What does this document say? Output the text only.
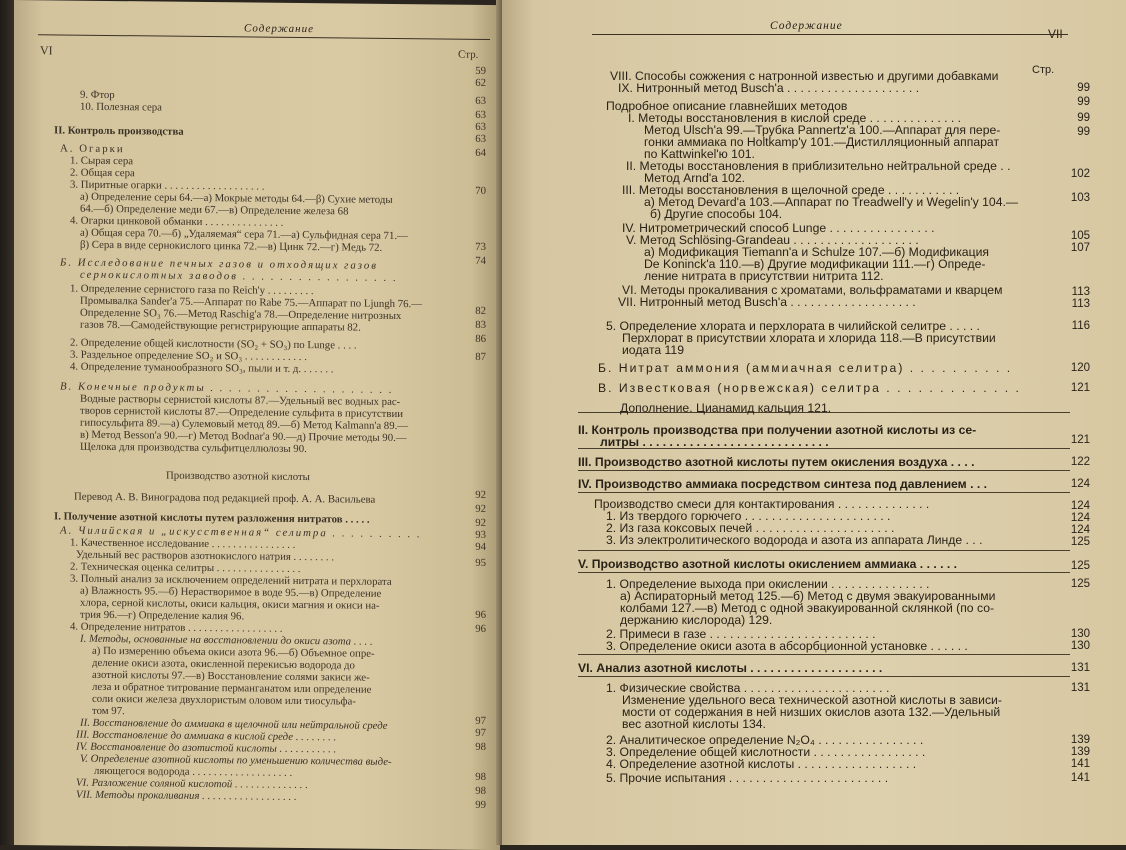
Содержание
VI	Стр.
9. Фтор
10. Полезная сера
II. Контроль производства
А. Огарки
1. Сырая сера
2. Общая сера
3. Пиритные огарки . . . . . . . . . . . . . . . . . . .
а) Определение серы 64.—а) Мокрые методы 64.—β) Сухие методы
64.—б) Определение меди 67.—в) Определение железа 68
4. Огарки цинковой обманки . . . . . . . . . . . . . . .
а) Общая сера 70.—б) „Удаляемая“ сера 71.—а) Сульфидная сера 71.—
β) Сера в виде сернокислого цинка 72.—в) Цинк 72.—г) Медь 72.
Б. Исследование печных газов и отходящих газов
сернокислотных заводов . . . . . . . . . . . . . . . . .
1. Определение сернистого газа по Reich'у . . . . . . . . .
Промывалка Sander'а 75.—Аппарат по Rabe 75.—Аппарат по Ljungh 76.—
Определение SO₃ 76.—Метод Raschig'а 78.—Определение нитрозных
газов 78.—Самодействующие регистрирующие аппараты 82.
2. Определение общей кислотности (SO₂ + SO₃) по Lunge . . . .
3. Раздельное определение SO₂ и SO₃ . . . . . . . . . . . .
4. Определение туманообразного SO₃, пыли и т. д. . . . . . .
В. Конечные продукты . . . . . . . . . . . . . . . . . . . .
Водные растворы сернистой кислоты 87.—Удельный вес водных рас-
творов сернистой кислоты 87.—Определение сульфита в присутствии
гипосульфита 89.—а) Сулемовый метод 89.—б) Метод Kalmann'а 89.—
в) Метод Besson'а 90.—г) Метод Bodnar'а 90.—д) Прочие методы 90.—
Щелока для производства сульфитцеллюлозы 90.
Производство азотной кислоты
Перевод А. В. Виноградова под редакцией проф. А. А. Васильева
I. Получение азотной кислоты путем разложения нитратов . . . . .
А. Чилийская и „искусственная“ селитра . . . . . . . . . .
1. Качественное исследование . . . . . . . . . . . . . . . .
Удельный вес растворов азотнокислого натрия . . . . . . . .
2. Техническая оценка селитры . . . . . . . . . . . . . . . .
3. Полный анализ за исключением определений нитрата и перхлората
а) Влажность 95.—б) Нерастворимое в воде 95.—в) Определение
хлора, серной кислоты, окиси кальция, окиси магния и окиси на-
трия 96.—г) Определение калия 96.
4. Определение нитратов . . . . . . . . . . . . . . . . . .
I. Методы, основанные на восстановлении до окиси азота . . . .
а) По измерению объема окиси азота 96.—б) Объемное опре-
деление окиси азота, окисленной перекисью водорода до
азотной кислоты 97.—в) Восстановление солями закиси же-
леза и обратное титрование перманганатом или определение
соли окиси железа двухлористым оловом или тиосульфа-
том 97.
II. Восстановление до аммиака в щелочной или нейтральной среде
III. Восстановление до аммиака в кислой среде . . . . . . . .
IV. Восстановление до азотистой кислоты . . . . . . . . . . .
V. Определение азотной кислоты по уменьшению количества выде-
ляющегося водорода . . . . . . . . . . . . . . . . . . .
VI. Разложение соляной кислотой . . . . . . . . . . . . . .
VII. Методы прокаливания . . . . . . . . . . . . . . . . . .
59
62
63
63
63
63
64
70
73
74
82
83
86
87
92
92
92
93
94
95
96
96
97
97
98
98
98
99
Содержание
VII
Стр.
VIII. Способы сожжения с натронной известью и другими добавками
IX. Нитронный метод Busch'а . . . . . . . . . . . . . . . . . . . .
Подробное описание главнейших методов
I. Методы восстановления в кислой среде . . . . . . . . . . . . . .
Метод Ulsch'а 99.—Трубка Pannertz'а 100.—Аппарат для пере-
гонки аммиака по Holtkamp'у 101.—Дистилляционный аппарат
по Kattwinkel'ю 101.
II. Методы восстановления в приблизительно нейтральной среде . .
Метод Arnd'а 102.
III. Методы восстановления в щелочной среде . . . . . . . . . . .
а) Метод Devard'а 103.—Аппарат по Treadwell'у и Wegelin'у 104.—
б) Другие способы 104.
IV. Нитрометрический способ Lunge . . . . . . . . . . . . . . . .
V. Метод Schlösing-Grandeau . . . . . . . . . . . . . . . . . . .
а) Модификация Tiemann'а и Schulze 107.—б) Модификация
De Koninck'а 110.—в) Другие модификации 111.—г) Опреде-
ление нитрата в присутствии нитрита 112.
VI. Методы прокаливания с хроматами, вольфраматами и кварцем
VII. Нитронный метод Busch'а . . . . . . . . . . . . . . . . . . .
5. Определение хлората и перхлората в чилийской селитре . . . . .
Перхлорат в присутствии хлората и хлорида 118.—В присутствии
иодата 119
Б. Нитрат аммония (аммиачная селитра) . . . . . . . . . .
В. Известковая (норвежская) селитра . . . . . . . . . . . . .
Дополнение. Цианамид кальция 121.
II. Контроль производства при получении азотной кислоты из се-
литры . . . . . . . . . . . . . . . . . . . . . . . . . . . .
III. Производство азотной кислоты путем окисления воздуха . . . .
IV. Производство аммиака посредством синтеза под давлением . . .
Производство смеси для контактирования . . . . . . . . . . . . . .
1. Из твердого горючего . . . . . . . . . . . . . . . . . . . . . .
2. Из газа коксовых печей . . . . . . . . . . . . . . . . . . . . .
3. Из электролитического водорода и азота из аппарата Линде . . .
V. Производство азотной кислоты окислением аммиака . . . . . .
1. Определение выхода при окислении . . . . . . . . . . . . . . .
а) Аспираторный метод 125.—б) Метод с двумя эвакуированными
колбами 127.—в) Метод с одной эвакуированной склянкой (по со-
держанию кислорода) 129.
2. Примеси в газе . . . . . . . . . . . . . . . . . . . . . . . . .
3. Определение окиси азота в абсорбционной установке . . . . . .
VI. Анализ азотной кислоты . . . . . . . . . . . . . . . . . . . .
1. Физические свойства . . . . . . . . . . . . . . . . . . . . . .
Изменение удельного веса технической азотной кислоты в зависи-
мости от содержания в ней низших окислов азота 132.—Удельный
вес азотной кислоты 134.
2. Аналитическое определение N₂O₄ . . . . . . . . . . . . . . . .
3. Определение общей кислотности . . . . . . . . . . . . . . . . .
4. Определение азотной кислоты . . . . . . . . . . . . . . . . . .
5. Прочие испытания . . . . . . . . . . . . . . . . . . . . . . . .
99
99
99
99
102
103
105
107
113
113
116
120
121
121
122
124
124
124
124
125
125
125
130
130
131
131
139
139
141
141
